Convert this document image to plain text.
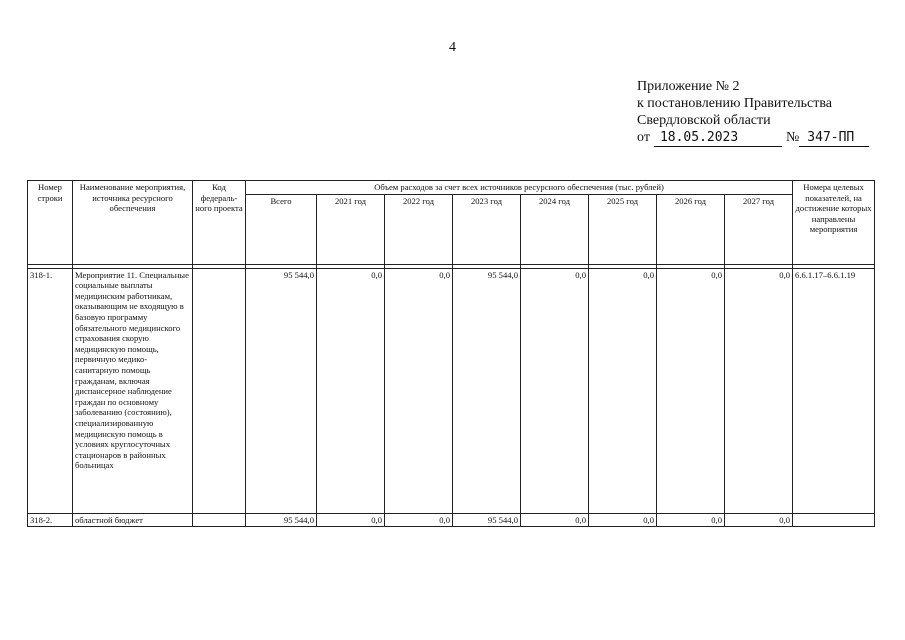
4
Приложение № 2
к постановлению Правительства
Свердловской области
от 18.05.2023	№ 347-ПП
Номер строки	Наименование мероприятия, источника ресурсного обеспечения	Код федераль-ного проекта	Объем расходов за счет всех источников ресурсного обеспечения (тыс. рублей)								Номера целевых показателей, на достижение которых направлены мероприятия
			Всего	2021 год	2022 год	2023 год	2024 год	2025 год	2026 год	2027 год	

318-1.	Мероприятие 11. Специальные социальные выплаты медицинским работникам, оказывающим не входящую в базовую программу обязательного медицинского страхования скорую медицинскую помощь, первичную медико-санитарную помощь гражданам, включая диспансерное наблюдение граждан по основному заболеванию (состоянию), специализированную медицинскую помощь в условиях круглосуточных стационаров в районных больницах		95 544,0	0,0	0,0	95 544,0	0,0	0,0	0,0	0,0	6.6.1.17–6.6.1.19
318-2.	областной бюджет		95 544,0	0,0	0,0	95 544,0	0,0	0,0	0,0	0,0	
